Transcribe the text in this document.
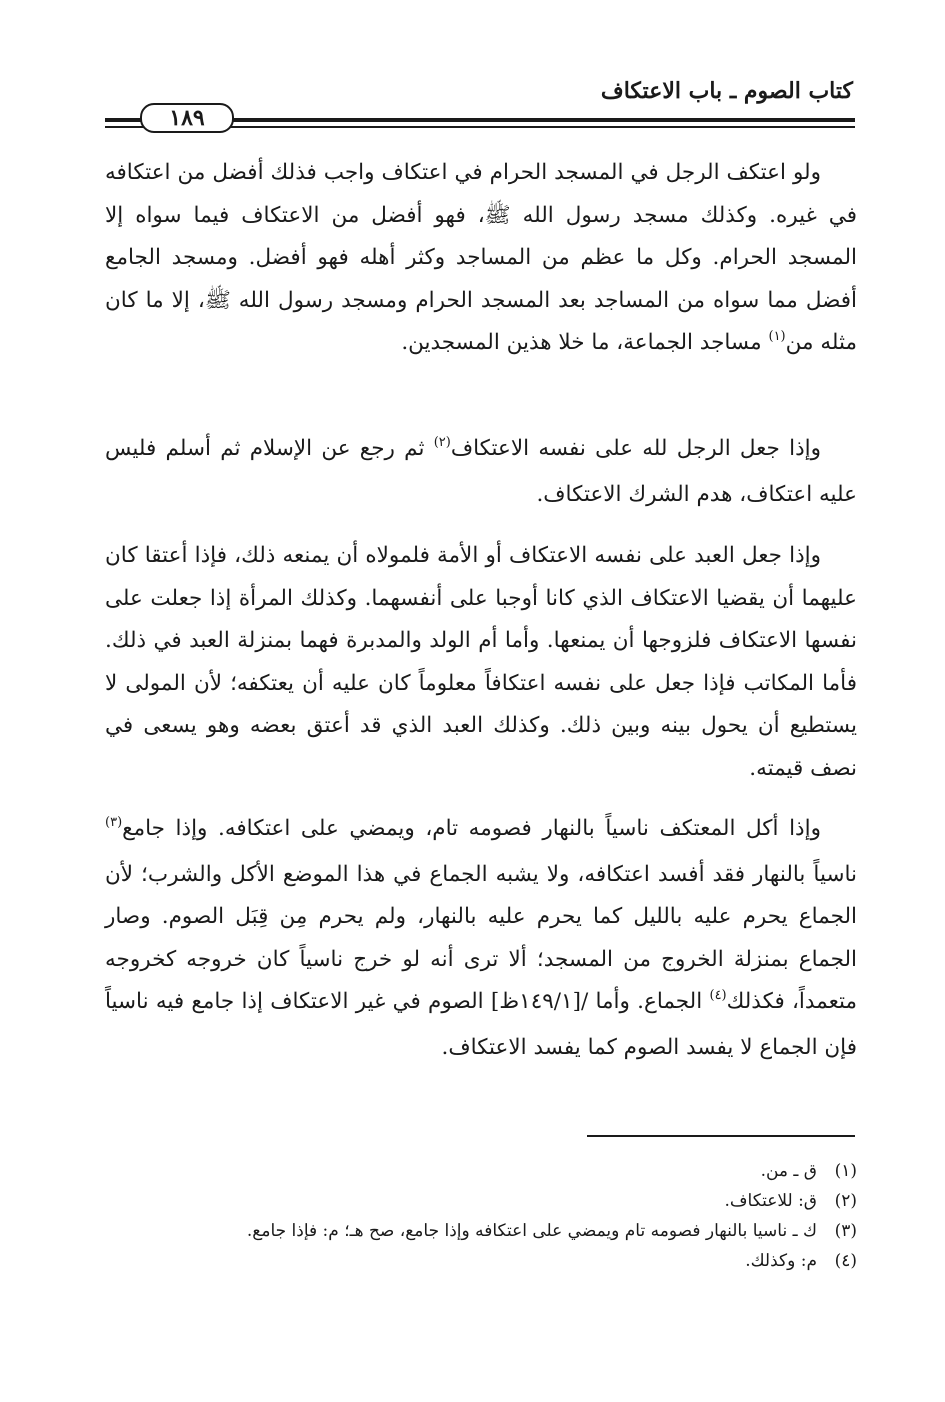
كتاب الصوم ـ باب الاعتكاف
١٨٩

ولو اعتكف الرجل في المسجد الحرام في اعتكاف واجب فذلك أفضل من اعتكافه في غيره. وكذلك مسجد رسول الله ﷺ، فهو أفضل من الاعتكاف فيما سواه إلا المسجد الحرام. وكل ما عظم من المساجد وكثر أهله فهو أفضل. ومسجد الجامع أفضل مما سواه من المساجد بعد المسجد الحرام ومسجد رسول الله ﷺ، إلا ما كان مثله من$^{(١)}$ مساجد الجماعة، ما خلا هذين المسجدين.

وإذا جعل الرجل لله على نفسه الاعتكاف$^{(٢)}$ ثم رجع عن الإسلام ثم أسلم فليس عليه اعتكاف، هدم الشرك الاعتكاف.

وإذا جعل العبد على نفسه الاعتكاف أو الأمة فلمولاه أن يمنعه ذلك، فإذا أعتقا كان عليهما أن يقضيا الاعتكاف الذي كانا أوجبا على أنفسهما. وكذلك المرأة إذا جعلت على نفسها الاعتكاف فلزوجها أن يمنعها. وأما أم الولد والمدبرة فهما بمنزلة العبد في ذلك. فأما المكاتب فإذا جعل على نفسه اعتكافاً معلوماً كان عليه أن يعتكفه؛ لأن المولى لا يستطيع أن يحول بينه وبين ذلك. وكذلك العبد الذي قد أعتق بعضه وهو يسعى في نصف قيمته.

وإذا أكل المعتكف ناسياً بالنهار فصومه تام، ويمضي على اعتكافه. وإذا جامع$^{(٣)}$ ناسياً بالنهار فقد أفسد اعتكافه، ولا يشبه الجماع في هذا الموضع الأكل والشرب؛ لأن الجماع يحرم عليه بالليل كما يحرم عليه بالنهار، ولم يحرم مِن قِبَل الصوم. وصار الجماع بمنزلة الخروج من المسجد؛ ألا ترى أنه لو خرج ناسياً كان خروجه كخروجه متعمداً، فكذلك$^{(٤)}$ الجماع. وأما /[١٤٩/١ظ] الصوم في غير الاعتكاف إذا جامع فيه ناسياً فإن الجماع لا يفسد الصوم كما يفسد الاعتكاف.

(١)
ق ـ من.
(٢)
ق: للاعتكاف.
(٣)
ك ـ ناسيا بالنهار فصومه تام ويمضي على اعتكافه وإذا جامع، صح هـ؛ م: فإذا جامع.
(٤)
م: وكذلك.
